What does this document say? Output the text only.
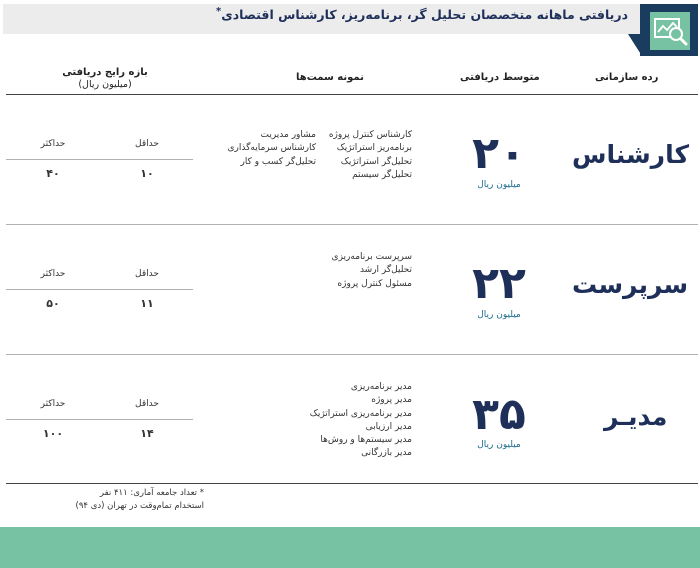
دریافتی ماهانه متخصصان تحلیل گر، برنامه‌ریز، کارشناس اقتصادی*
رده سازمانی
متوسط دریافتی
نمونه سمت‌ها
بازه رایج دریافتی
(میلیون ریال)
کارشناس
۲۰
میلیون ریال
کارشناس کنترل پروژه
برنامه‌ریز استراتژیک
تحلیل‌گر استراتژیک
تحلیل‌گر سیستم
مشاور مدیریت
کارشناس سرمایه‌گذاری
تحلیل‌گر کسب و کار
حداقل
حداکثر
۱۰
۴۰
سرپرست
۲۲
میلیون ریال
سرپرست برنامه‌ریزی
تحلیل‌گر ارشد
مسئول کنترل پروژه
حداقل
حداکثر
۱۱
۵۰
مدیـر
۳۵
میلیون ریال
مدیر برنامه‌ریزی
مدیر پروژه
مدیر برنامه‌ریزی استراتژیک
مدیر ارزیابی
مدیر سیستم‌ها و روش‌ها
مدیر بازرگانی
حداقل
حداکثر
۱۴
۱۰۰
* تعداد جامعه آماری: ۴۱۱ نفر
استخدام تمام‌وقت در تهران (دی ۹۴)
